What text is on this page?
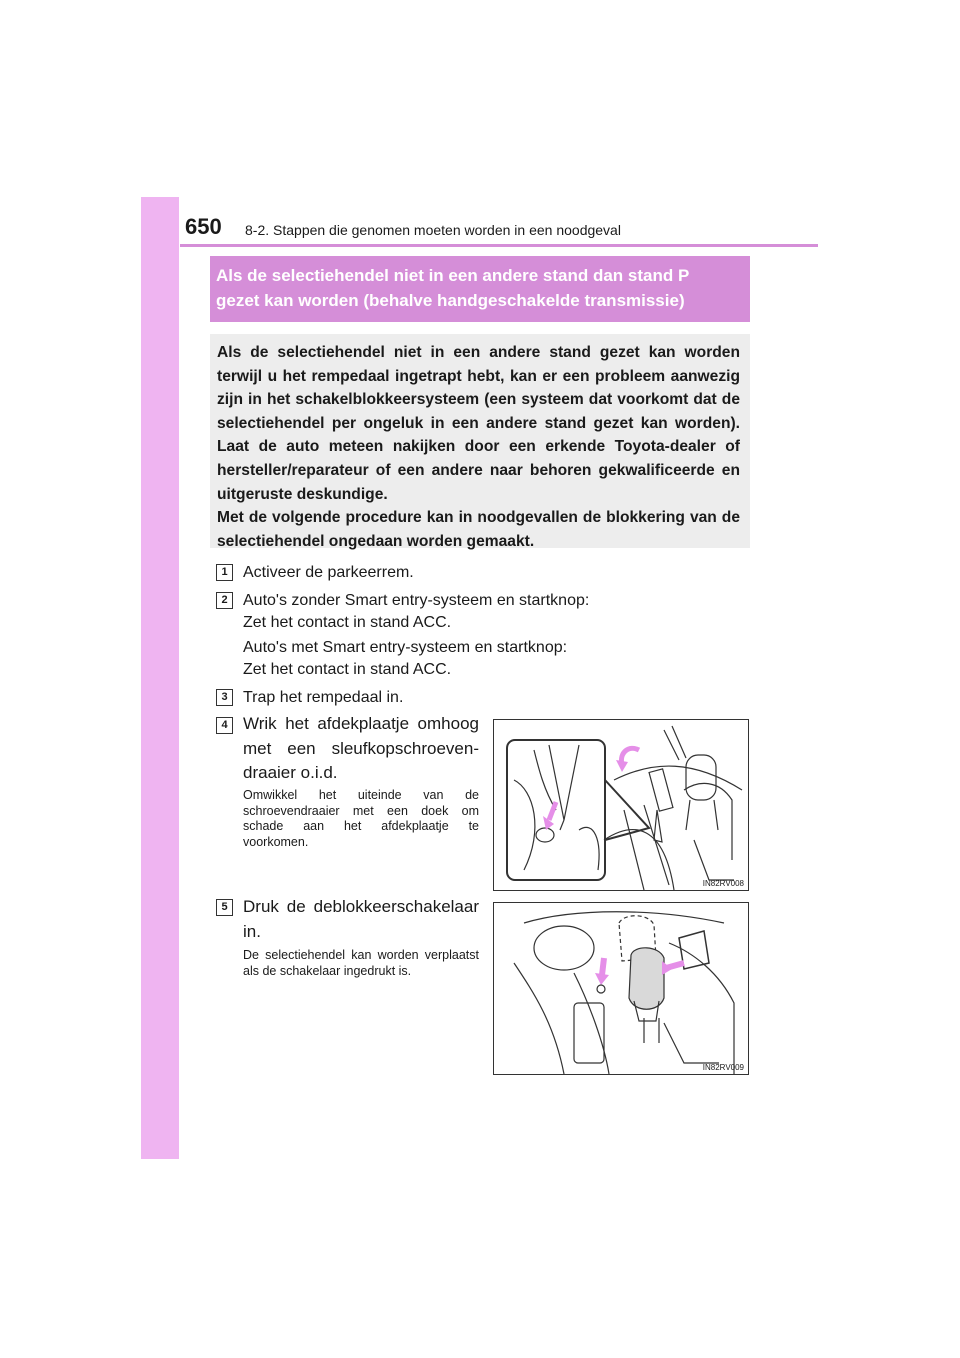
650 8-2. Stappen die genomen moeten worden in een noodgeval
Als de selectiehendel niet in een andere stand dan stand P
gezet kan worden (behalve handgeschakelde transmissie)

Als de selectiehendel niet in een andere stand gezet kan worden terwijl u het rempedaal ingetrapt hebt, kan er een probleem aanwezig zijn in het schakelblokkeersysteem (een systeem dat voorkomt dat de selectiehendel per ongeluk in een andere stand gezet kan worden). Laat de auto meteen nakijken door een erkende Toyota-dealer of hersteller/reparateur of een andere naar behoren gekwalificeerde en uitgeruste deskundige.

Met de volgende procedure kan in noodgevallen de blokkering van de selectiehendel ongedaan worden gemaakt.

1 Activeer de parkeerrem.
2 Auto's zonder Smart entry-systeem en startknop:
Zet het contact in stand ACC.
Auto's met Smart entry-systeem en startknop:
Zet het contact in stand ACC.
3 Trap het rempedaal in.
4 Wrik het afdekplaatje omhoog met een sleufkopschroevendraaier o.i.d.
Omwikkel het uiteinde van de schroevendraaier met een doek om schade aan het afdekplaatje te voorkomen.
IN82RV008
5 Druk de deblokkeerschakelaar in.
De selectiehendel kan worden verplaatst als de schakelaar ingedrukt is.
IN82RV009
